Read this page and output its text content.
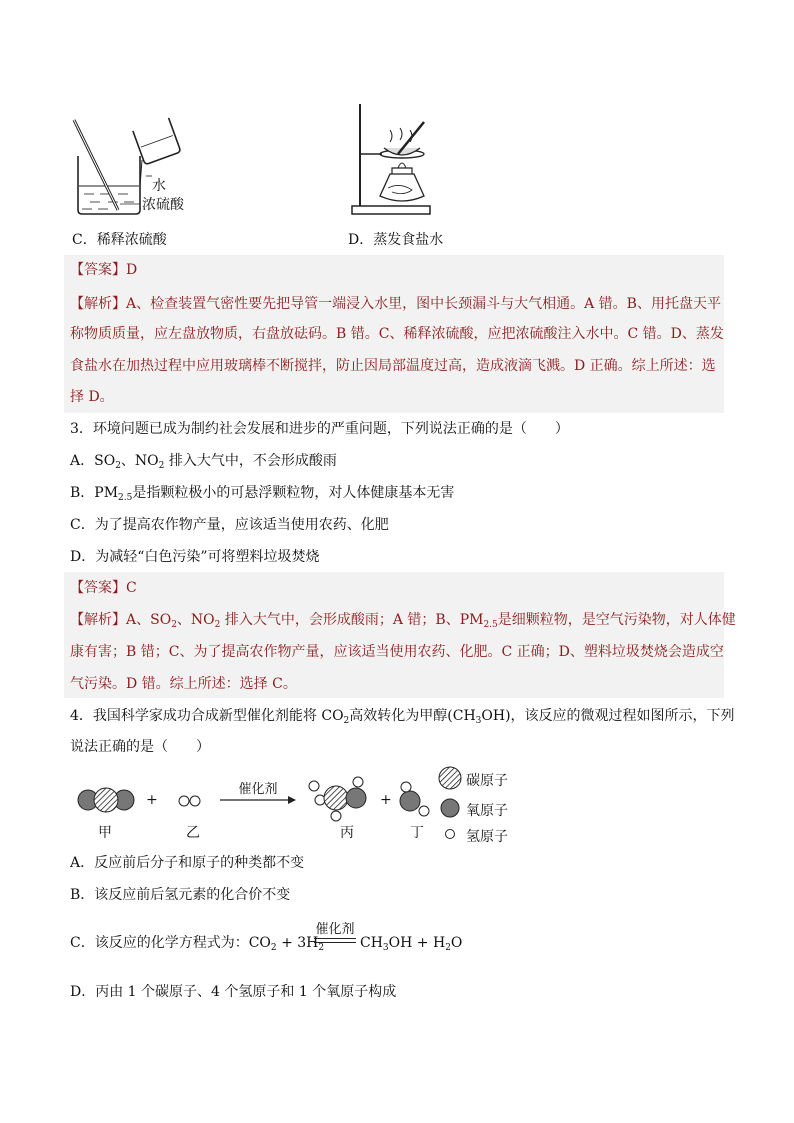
水
浓硫酸
C．稀释浓硫酸	D．蒸发食盐水
【答案】D
【解析】A、检查装置气密性要先把导管一端浸入水里，图中长颈漏斗与大气相通。A 错。B、用托盘天平
称物质质量，应左盘放物质，右盘放砝码。B 错。C、稀释浓硫酸，应把浓硫酸注入水中。C 错。D、蒸发
食盐水在加热过程中应用玻璃棒不断搅拌，防止因局部温度过高，造成液滴飞溅。D 正确。综上所述：选
择 D。
3．环境问题已成为制约社会发展和进步的严重问题，下列说法正确的是（　　）
A．$SO_2$、$NO_2$ 排入大气中，不会形成酸雨
B．$PM_{2.5}$是指颗粒极小的可悬浮颗粒物，对人体健康基本无害
C．为了提高农作物产量，应该适当使用农药、化肥
D．为减轻“白色污染”可将塑料垃圾焚烧
【答案】C
【解析】A、$SO_2$、$NO_2$ 排入大气中，会形成酸雨；A 错；B、$PM_{2.5}$是细颗粒物，是空气污染物，对人体健
康有害；B 错；C、为了提高农作物产量，应该适当使用农药、化肥。C 正确；D、塑料垃圾焚烧会造成空
气污染。D 错。综上所述：选择 C。
4．我国科学家成功合成新型催化剂能将 $CO_2$高效转化为甲醇$(CH_3OH)$，该反应的微观过程如图所示，下列
说法正确的是（　　）
+	+
催化剂
甲	乙	丙	丁
碳原子
氧原子
氢原子
A．反应前后分子和原子的种类都不变
B．该反应前后氢元素的化合价不变
C．该反应的化学方程式为：$CO_2 + 3H_2$
催化剂
$CH_3OH + H_2O$
D．丙由 1 个碳原子、4 个氢原子和 1 个氧原子构成
